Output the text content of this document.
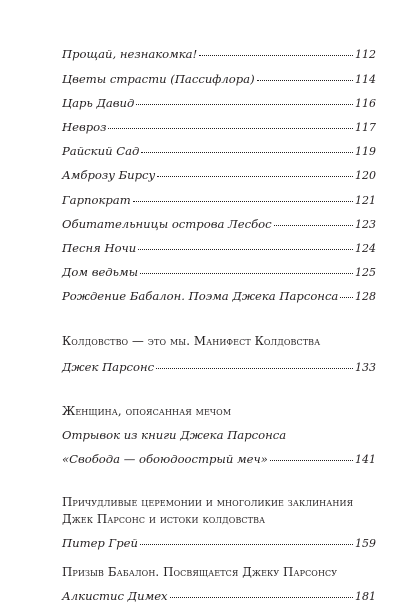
Прощай, незнакомка!	112
Цветы страсти (Пассифлора)	114
Царь Давид	116
Невроз	117
Райский Сад	119
Амброзу Бирсу	120
Гарпократ	121
Обитательницы острова Лесбос	123
Песня Ночи	124
Дом ведьмы	125
Рождение Бабалон. Поэма Джека Парсонса 128
Колдовство — это мы. Манифест Колдовства
Джек Парсонс	133
Женщина, опоясанная мечом
Отрывок из книги Джека Парсонса
«Свобода — обоюдоострый меч»	141
Причудливые церемонии и многоликие заклинания
Джек Парсонс и истоки колдовства
Питер Грей	159
Призыв Бабалон. Посвящается Джеку Парсонсу
Алкистис Димех	181
